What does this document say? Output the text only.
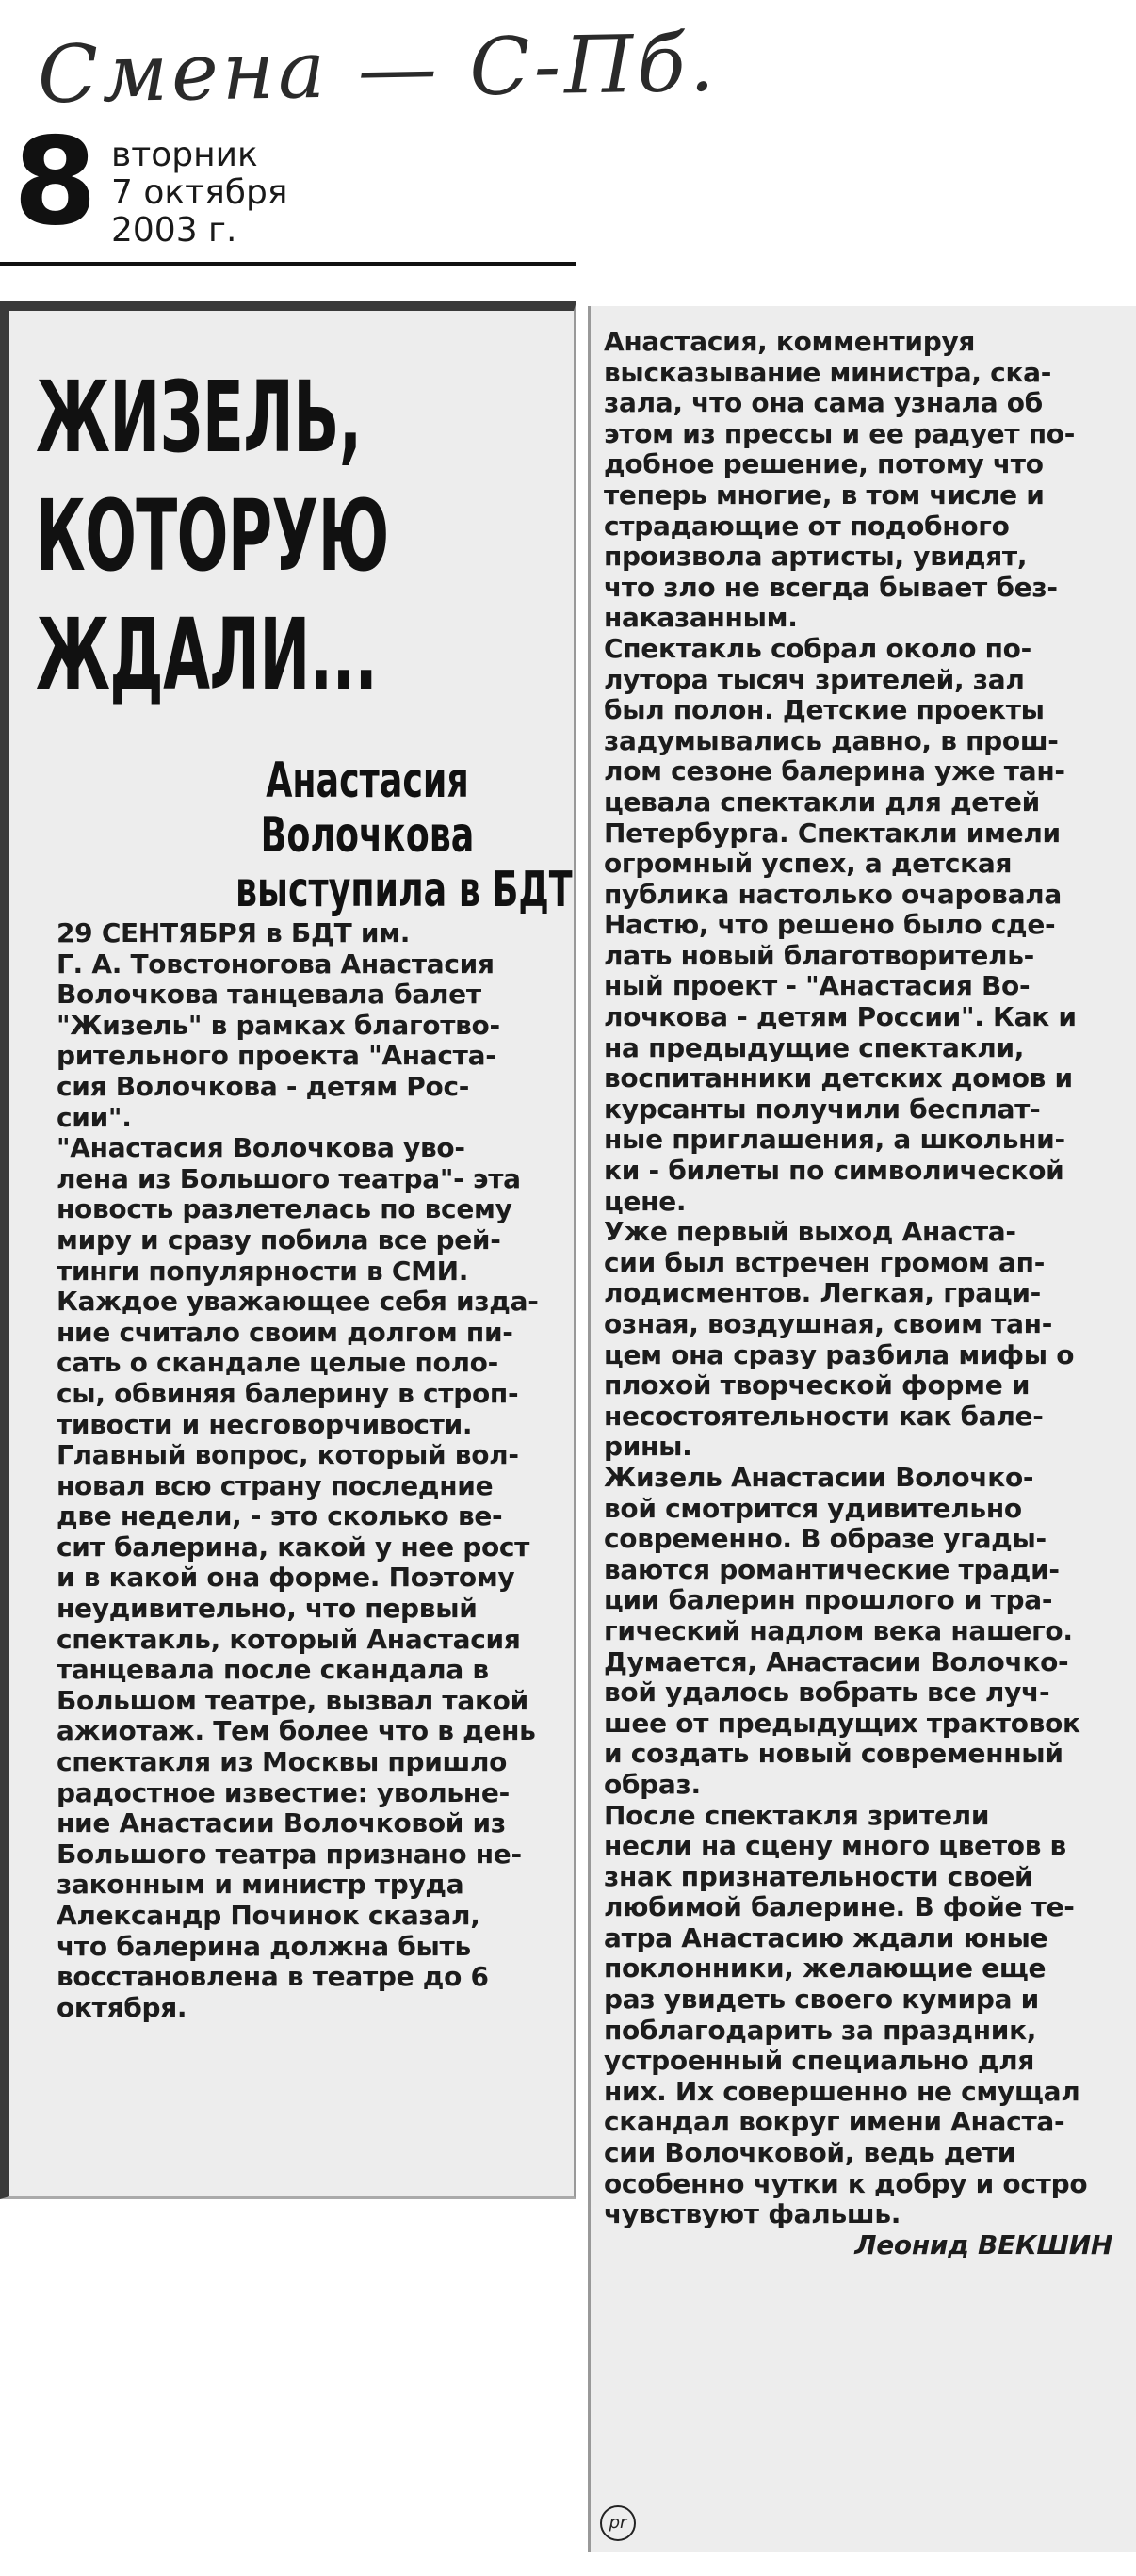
Смена — С-Пб.
8 вторник
7 октября
2003 г.
ЖИЗЕЛЬ,
КОТОРУЮ
ЖДАЛИ...
Анастасия
Волочкова
выступила в БДТ
29 СЕНТЯБРЯ в БДТ им.
Г. А. Товстоногова Анастасия
Волочкова танцевала балет
"Жизель" в рамках благотво-
рительного проекта "Анаста-
сия Волочкова - детям Рос-
сии".
"Анастасия Волочкова уво-
лена из Большого театра"- эта
новость разлетелась по всему
миру и сразу побила все рей-
тинги популярности в СМИ.
Каждое уважающее себя изда-
ние считало своим долгом пи-
сать о скандале целые поло-
сы, обвиняя балерину в строп-
тивости и несговорчивости.
Главный вопрос, который вол-
новал всю страну последние
две недели, - это сколько ве-
сит балерина, какой у нее рост
и в какой она форме. Поэтому
неудивительно, что первый
спектакль, который Анастасия
танцевала после скандала в
Большом театре, вызвал такой
ажиотаж. Тем более что в день
спектакля из Москвы пришло
радостное известие: увольне-
ние Анастасии Волочковой из
Большого театра признано не-
законным и министр труда
Александр Починок сказал,
что балерина должна быть
восстановлена в театре до 6
октября.
Анастасия, комментируя
высказывание министра, ска-
зала, что она сама узнала об
этом из прессы и ее радует по-
добное решение, потому что
теперь многие, в том числе и
страдающие от подобного
произвола артисты, увидят,
что зло не всегда бывает без-
наказанным.
Спектакль собрал около по-
лутора тысяч зрителей, зал
был полон. Детские проекты
задумывались давно, в прош-
лом сезоне балерина уже тан-
цевала спектакли для детей
Петербурга. Спектакли имели
огромный успех, а детская
публика настолько очаровала
Настю, что решено было сде-
лать новый благотворитель-
ный проект - "Анастасия Во-
лочкова - детям России". Как и
на предыдущие спектакли,
воспитанники детских домов и
курсанты получили бесплат-
ные приглашения, а школьни-
ки - билеты по символической
цене.
Уже первый выход Анаста-
сии был встречен громом ап-
лодисментов. Легкая, граци-
озная, воздушная, своим тан-
цем она сразу разбила мифы о
плохой творческой форме и
несостоятельности как бале-
рины.
Жизель Анастасии Волочко-
вой смотрится удивительно
современно. В образе угады-
ваются романтические тради-
ции балерин прошлого и тра-
гический надлом века нашего.
Думается, Анастасии Волочко-
вой удалось вобрать все луч-
шее от предыдущих трактовок
и создать новый современный
образ.
После спектакля зрители
несли на сцену много цветов в
знак признательности своей
любимой балерине. В фойе те-
атра Анастасию ждали юные
поклонники, желающие еще
раз увидеть своего кумира и
поблагодарить за праздник,
устроенный специально для
них. Их совершенно не смущал
скандал вокруг имени Анаста-
сии Волочковой, ведь дети
особенно чутки к добру и остро
чувствуют фальшь.
Леонид ВЕКШИН
pr
